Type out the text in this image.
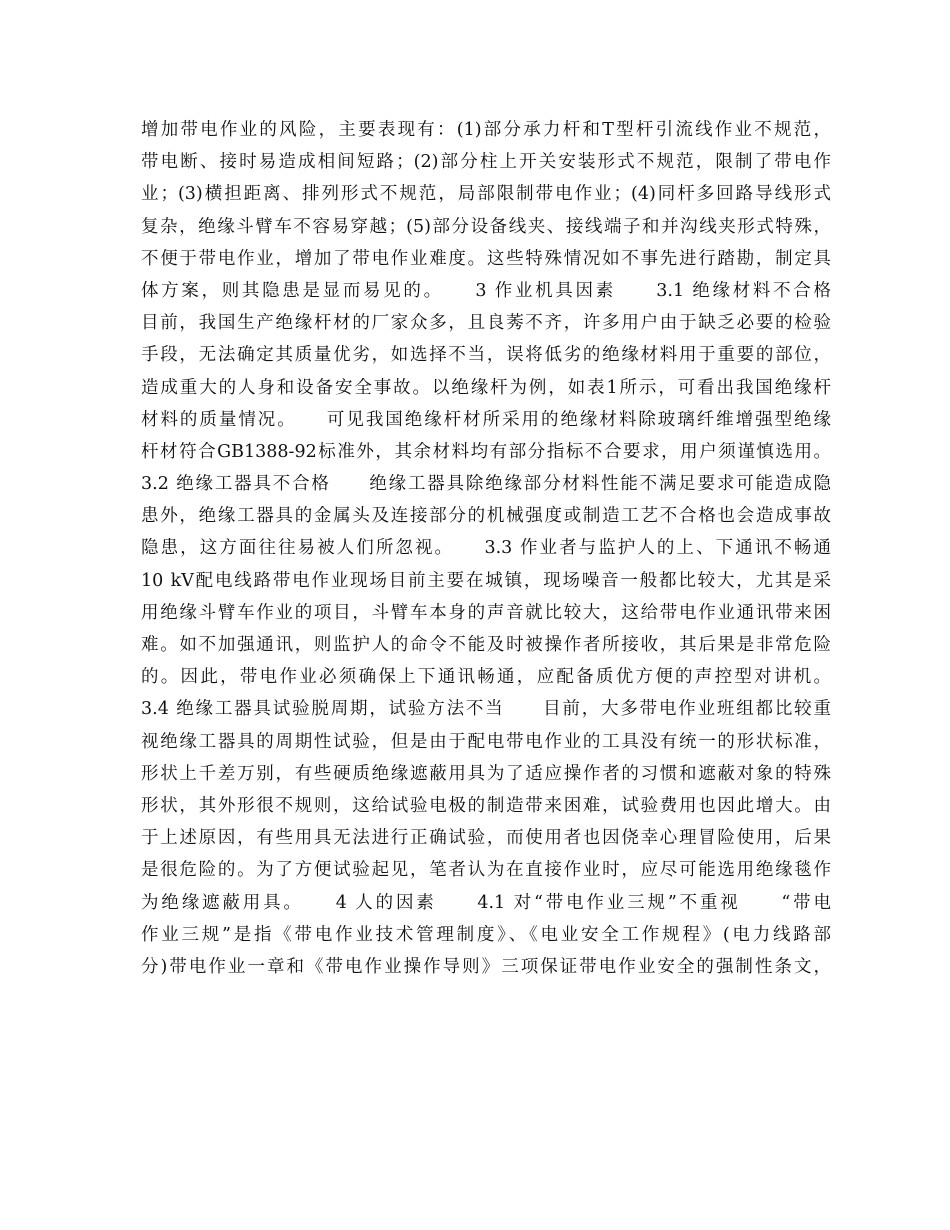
增加带电作业的风险，主要表现有：(1)部分承力杆和T型杆引流线作业不规范，
带电断、接时易造成相间短路；(2)部分柱上开关安装形式不规范，限制了带电作
业；(3)横担距离、排列形式不规范，局部限制带电作业；(4)同杆多回路导线形式
复杂，绝缘斗臂车不容易穿越；(5)部分设备线夹、接线端子和并沟线夹形式特殊，
不便于带电作业，增加了带电作业难度。这些特殊情况如不事先进行踏勘，制定具
体方案，则其隐患是显而易见的。　　3 作业机具因素　　3.1 绝缘材料不合格
目前，我国生产绝缘杆材的厂家众多，且良莠不齐，许多用户由于缺乏必要的检验
手段，无法确定其质量优劣，如选择不当，误将低劣的绝缘材料用于重要的部位，
造成重大的人身和设备安全事故。以绝缘杆为例，如表1所示，可看出我国绝缘杆
材料的质量情况。　　可见我国绝缘杆材所采用的绝缘材料除玻璃纤维增强型绝缘
杆材符合GB1388-92标准外，其余材料均有部分指标不合要求，用户须谨慎选用。
3.2 绝缘工器具不合格　　绝缘工器具除绝缘部分材料性能不满足要求可能造成隐
患外，绝缘工器具的金属头及连接部分的机械强度或制造工艺不合格也会造成事故
隐患，这方面往往易被人们所忽视。　　3.3 作业者与监护人的上、下通讯不畅通
10 kV配电线路带电作业现场目前主要在城镇，现场噪音一般都比较大，尤其是采
用绝缘斗臂车作业的项目，斗臂车本身的声音就比较大，这给带电作业通讯带来困
难。如不加强通讯，则监护人的命令不能及时被操作者所接收，其后果是非常危险
的。因此，带电作业必须确保上下通讯畅通，应配备质优方便的声控型对讲机。
3.4 绝缘工器具试验脱周期，试验方法不当　　目前，大多带电作业班组都比较重
视绝缘工器具的周期性试验，但是由于配电带电作业的工具没有统一的形状标准，
形状上千差万别，有些硬质绝缘遮蔽用具为了适应操作者的习惯和遮蔽对象的特殊
形状，其外形很不规则，这给试验电极的制造带来困难，试验费用也因此增大。由
于上述原因，有些用具无法进行正确试验，而使用者也因侥幸心理冒险使用，后果
是很危险的。为了方便试验起见，笔者认为在直接作业时，应尽可能选用绝缘毯作
为绝缘遮蔽用具。　　4 人的因素　　4.1 对“带电作业三规”不重视　　“带电
作业三规”是指《带电作业技术管理制度》、《电业安全工作规程》(电力线路部
分)带电作业一章和《带电作业操作导则》三项保证带电作业安全的强制性条文，
